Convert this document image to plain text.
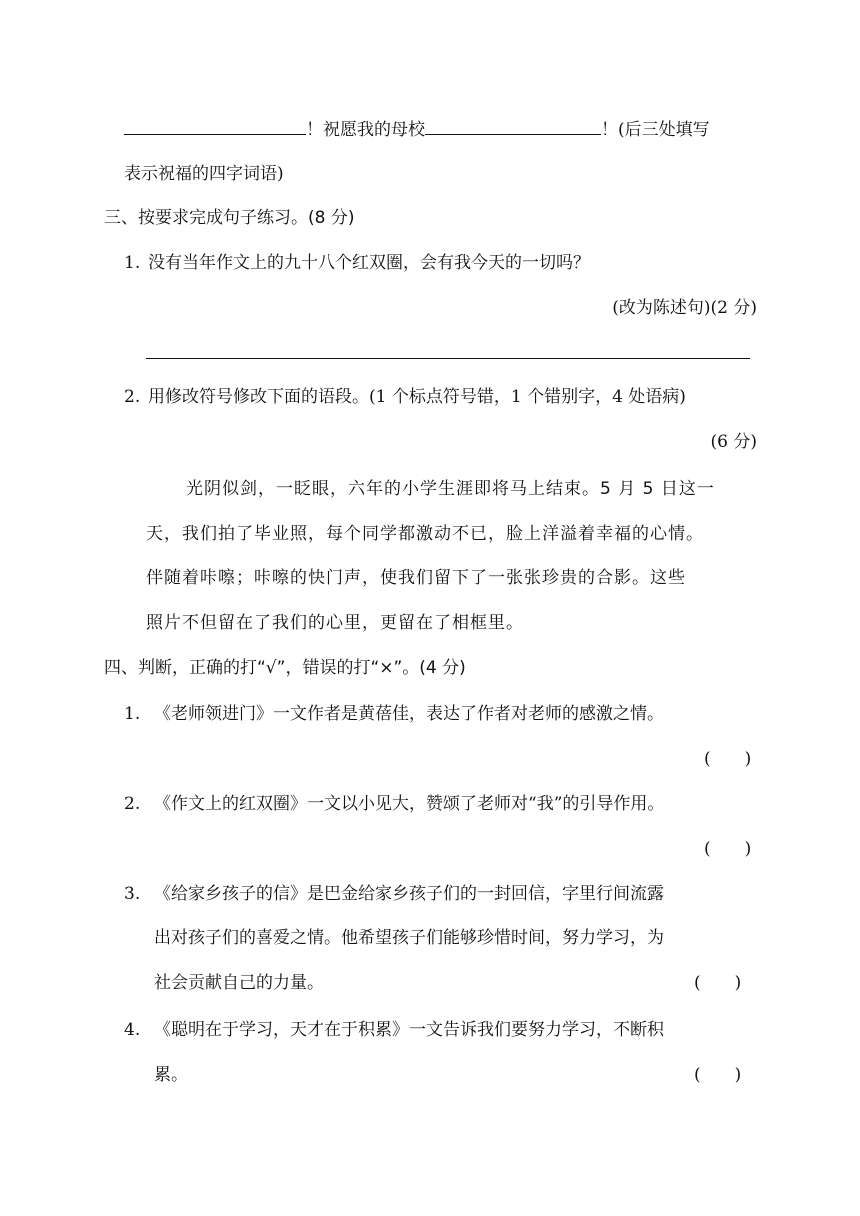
！祝愿我的母校	！(后三处填写
表示祝福的四字词语)
三、按要求完成句子练习。(8 分)
1. 没有当年作文上的九十八个红双圈，会有我今天的一切吗？
(改为陈述句)(2 分)
2. 用修改符号修改下面的语段。(1 个标点符号错，1 个错别字，4 处语病)
(6 分)
光阴似剑，一眨眼，六年的小学生涯即将马上结束。5 月 5 日这一
天，我们拍了毕业照，每个同学都激动不已，脸上洋溢着幸福的心情。
伴随着咔嚓；咔嚓的快门声，使我们留下了一张张珍贵的合影。这些
照片不但留在了我们的心里，更留在了相框里。
四、判断，正确的打“√”，错误的打“×”。(4 分)
1. 《老师领进门》一文作者是黄蓓佳，表达了作者对老师的感激之情。
(　　)
2. 《作文上的红双圈》一文以小见大，赞颂了老师对“我”的引导作用。
(　　)
3. 《给家乡孩子的信》是巴金给家乡孩子们的一封回信，字里行间流露
出对孩子们的喜爱之情。他希望孩子们能够珍惜时间，努力学习，为
社会贡献自己的力量。	(　　)
4. 《聪明在于学习，天才在于积累》一文告诉我们要努力学习，不断积
累。	(　　)
